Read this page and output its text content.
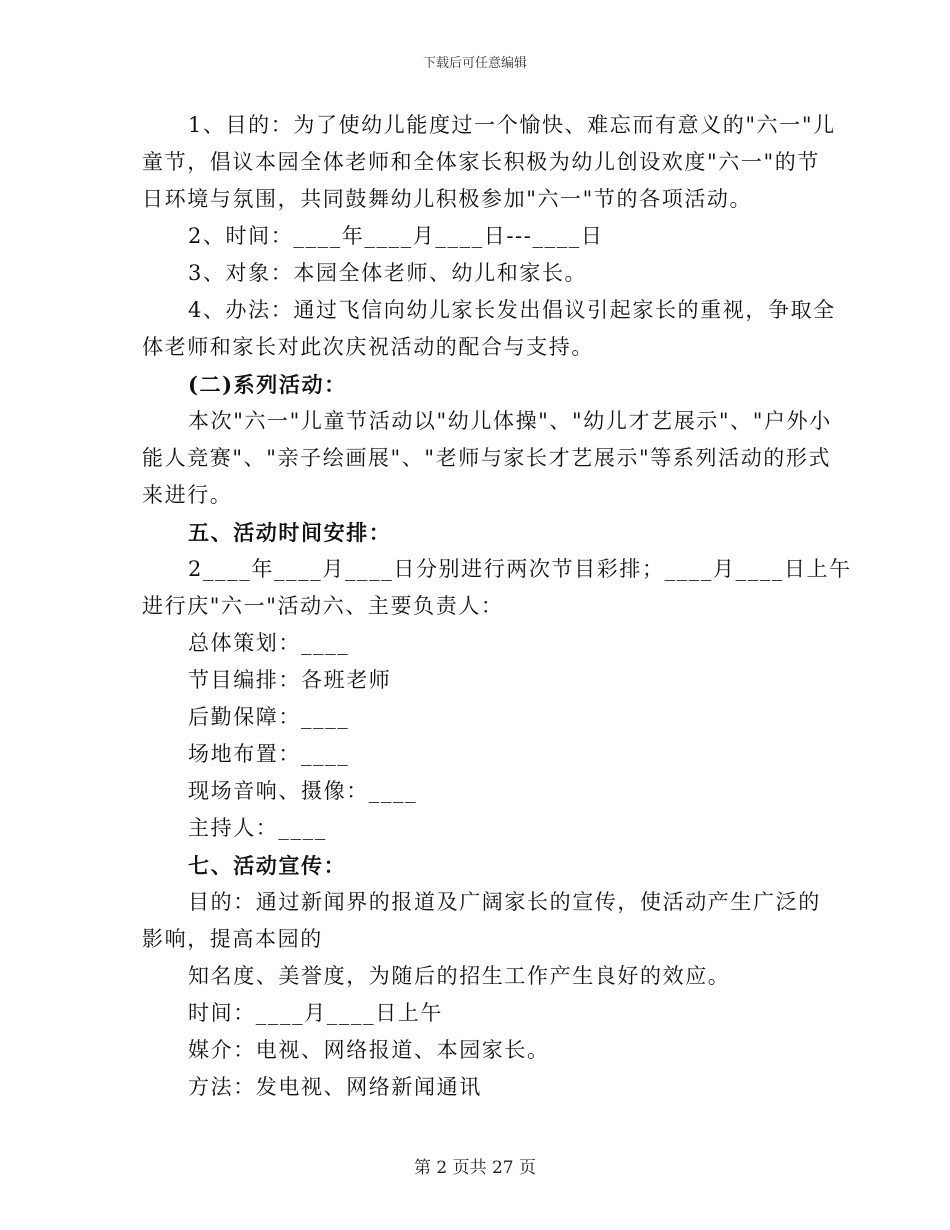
下载后可任意编辑
1、目的：为了使幼儿能度过一个愉快、难忘而有意义的"六一"儿
童节，倡议本园全体老师和全体家长积极为幼儿创设欢度"六一"的节
日环境与氛围，共同鼓舞幼儿积极参加"六一"节的各项活动。
2、时间：____年____月____日---____日
3、对象：本园全体老师、幼儿和家长。
4、办法：通过飞信向幼儿家长发出倡议引起家长的重视，争取全
体老师和家长对此次庆祝活动的配合与支持。
(二)系列活动：
本次"六一"儿童节活动以"幼儿体操"、"幼儿才艺展示"、"户外小
能人竞赛"、"亲子绘画展"、"老师与家长才艺展示"等系列活动的形式
来进行。
五、活动时间安排：
2____年____月____日分别进行两次节目彩排；____月____日上午
进行庆"六一"活动六、主要负责人：
总体策划：____
节目编排：各班老师
后勤保障：____
场地布置：____
现场音响、摄像：____
主持人：____
七、活动宣传：
目的：通过新闻界的报道及广阔家长的宣传，使活动产生广泛的
影响，提高本园的
知名度、美誉度，为随后的招生工作产生良好的效应。
时间：____月____日上午
媒介：电视、网络报道、本园家长。
方法：发电视、网络新闻通讯
第 2 页共 27 页
